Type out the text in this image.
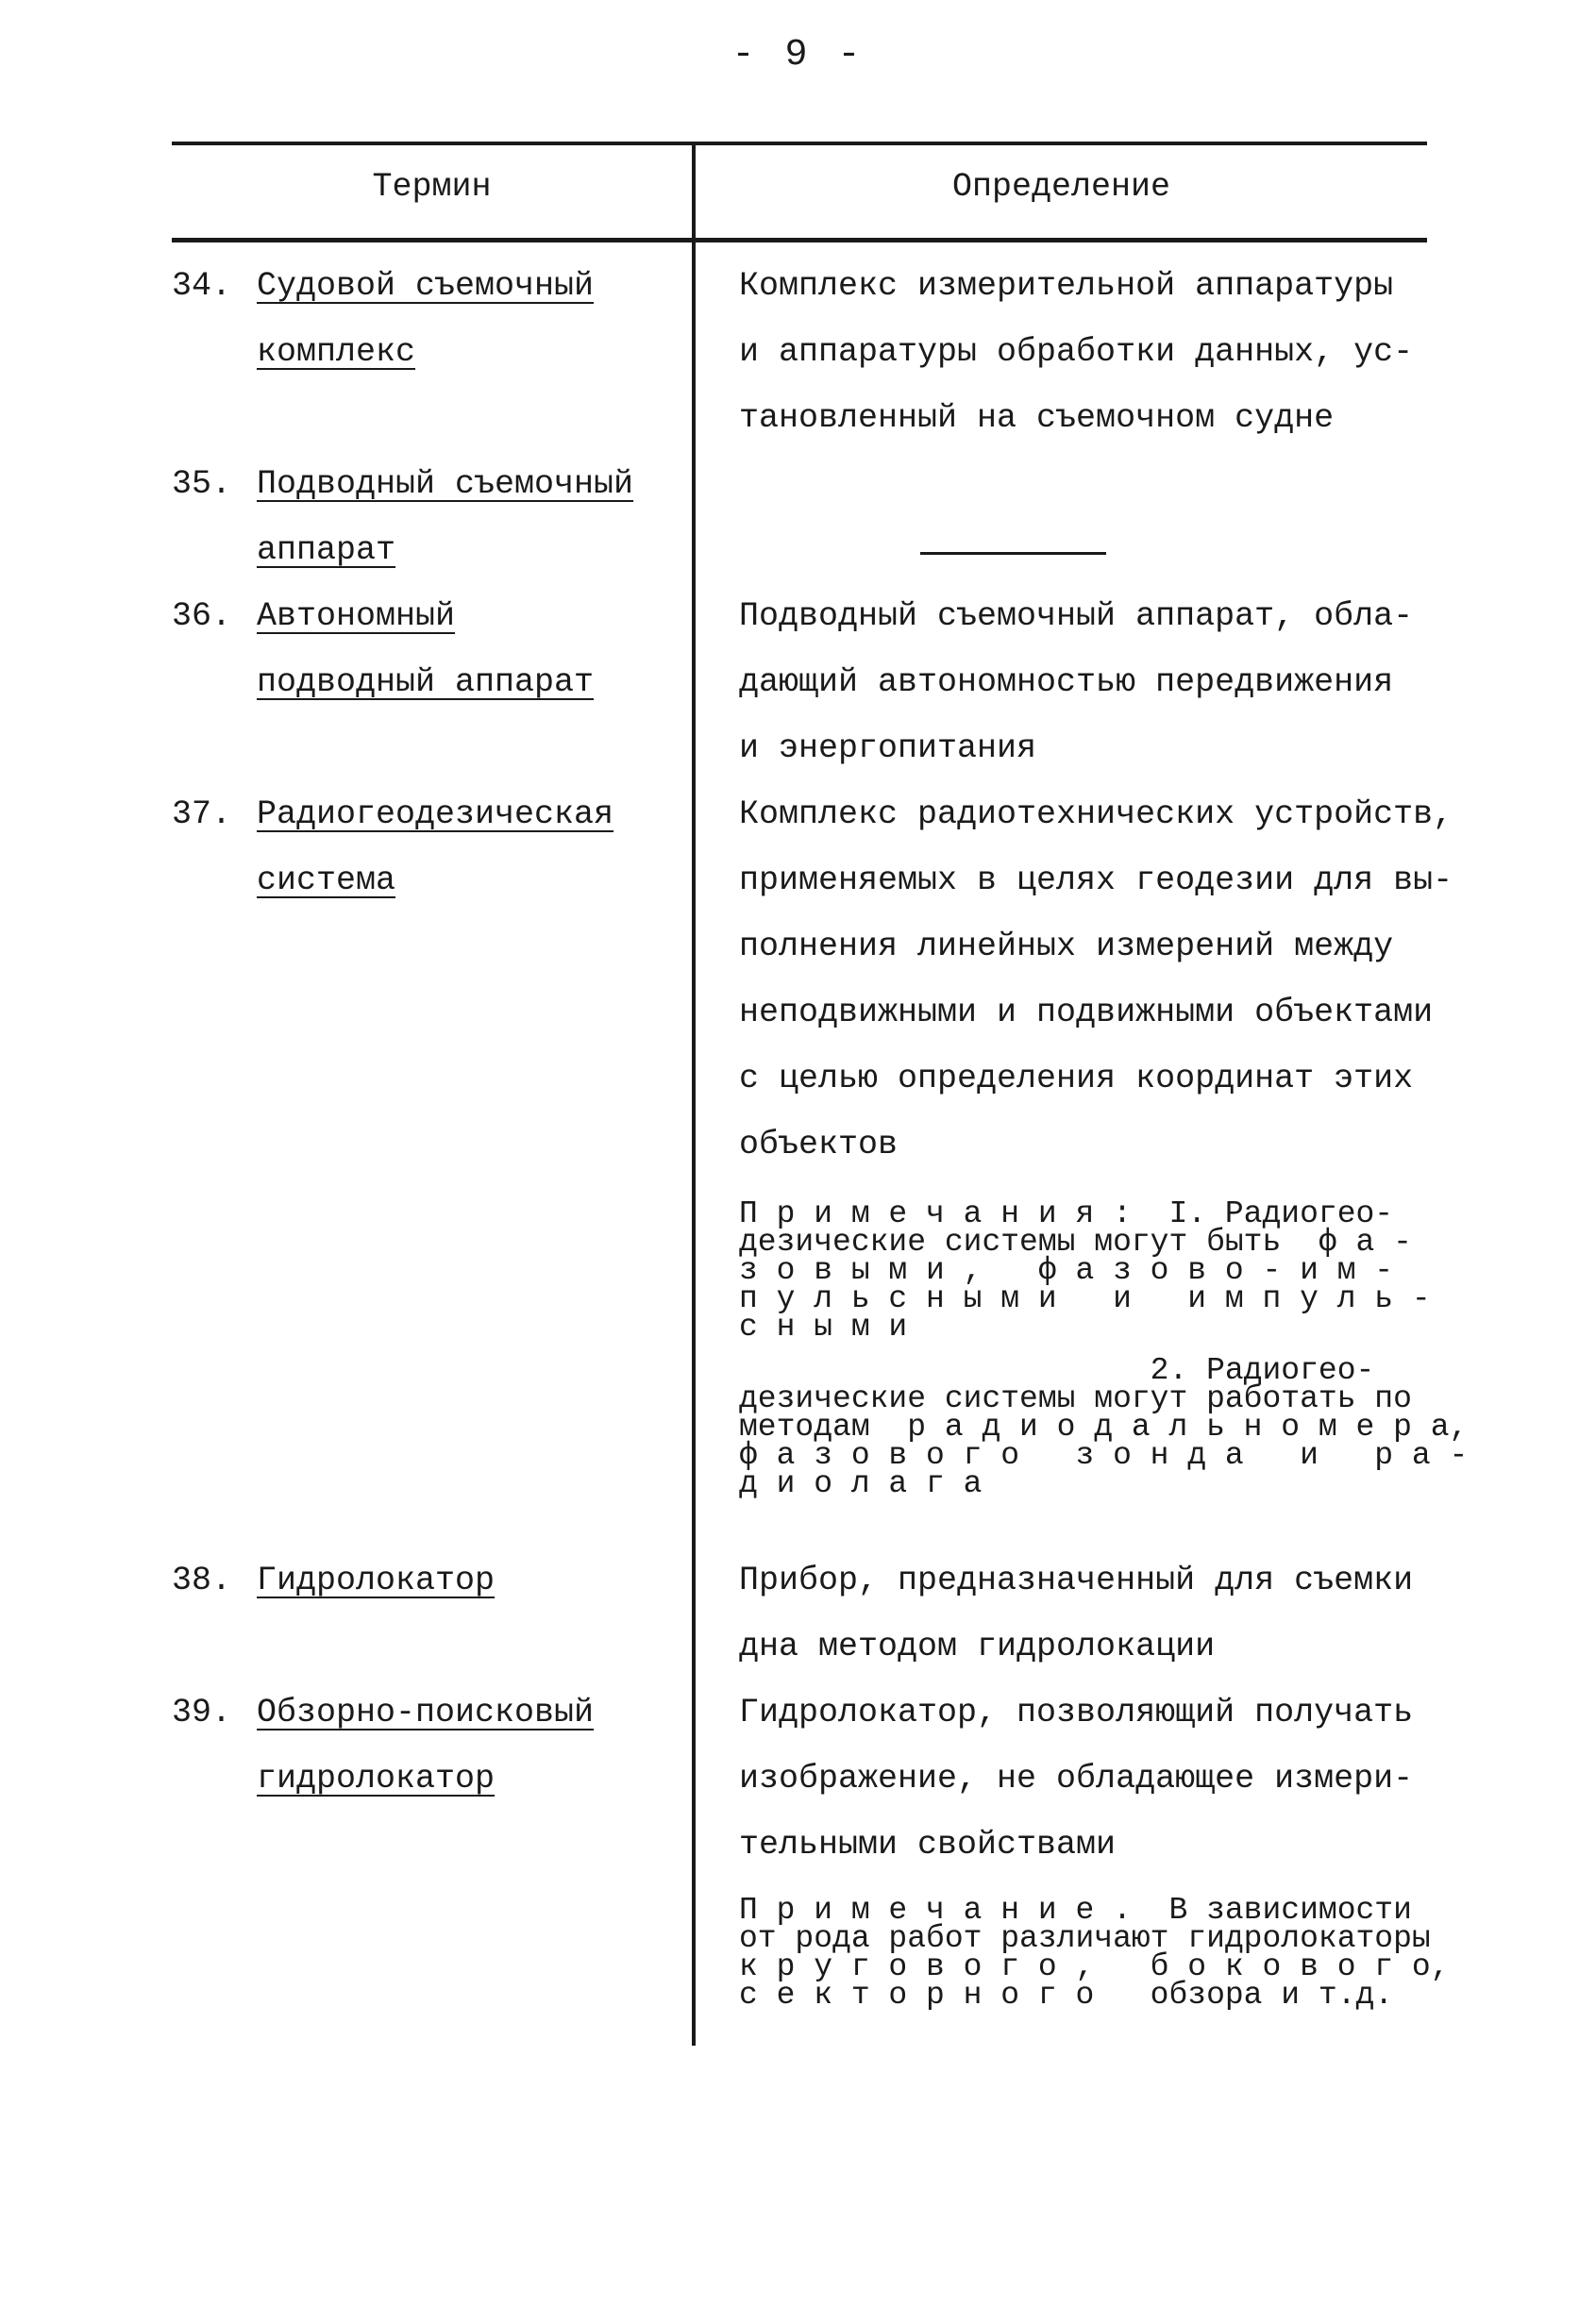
- 9 -
Термин	Определение
34. Судовой съемочный
комплекс
Комплекс измерительной аппаратуры
и аппаратуры обработки данных, ус-
тановленный на съемочном судне
35. Подводный съемочный
аппарат
36. Автономный
подводный аппарат
Подводный съемочный аппарат, обла-
дающий автономностью передвижения
и энергопитания
37. Радиогеодезическая
система
Комплекс радиотехнических устройств,
применяемых в целях геодезии для вы-
полнения линейных измерений между
неподвижными и подвижными объектами
с целью определения координат этих
объектов
П р и м е ч а н и я :  I. Радиогео-
дезические системы могут быть  ф а -
з о в ы м и ,   ф а з о в о - и м -
п у л ь с н ы м и   и   и м п у л ь -
с н ы м и
2. Радиогео-
дезические системы могут работать по
методам  р а д и о д а л ь н о м е р а,
ф а з о в о г о   з о н д а   и   р а -
д и о л а г а
38. Гидролокатор	Прибор, предназначенный для съемки
дна методом гидролокации
39. Обзорно-поисковый
гидролокатор
Гидролокатор, позволяющий получать
изображение, не обладающее измери-
тельными свойствами
П р и м е ч а н и е .  В зависимости
от рода работ различают гидролокаторы
к р у г о в о г о ,   б о к о в о г о,
с е к т о р н о г о   обзора и т.д.
